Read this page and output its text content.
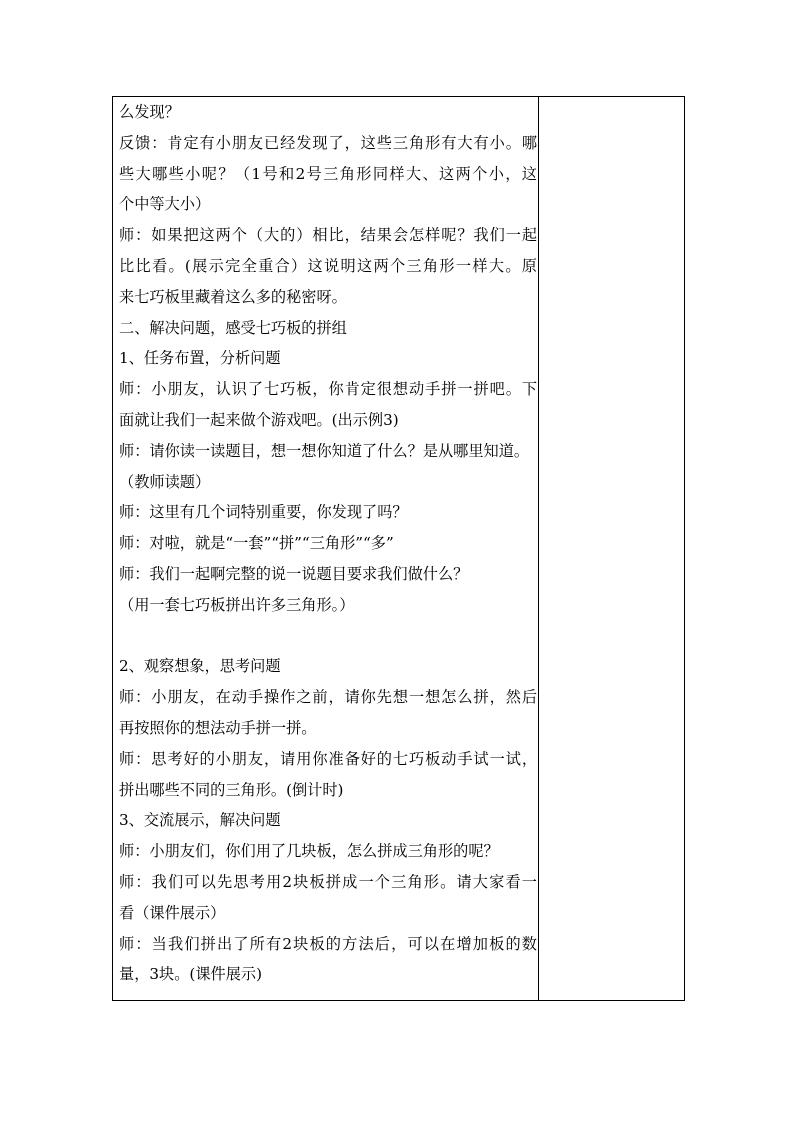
么发现？
反馈：肯定有小朋友已经发现了，这些三角形有大有小。哪
些大哪些小呢？（1号和2号三角形同样大、这两个小，这
个中等大小）
师：如果把这两个（大的）相比，结果会怎样呢？我们一起
比比看。(展示完全重合）这说明这两个三角形一样大。原
来七巧板里藏着这么多的秘密呀。
二、解决问题，感受七巧板的拼组
1、任务布置，分析问题
师：小朋友，认识了七巧板，你肯定很想动手拼一拼吧。下
面就让我们一起来做个游戏吧。(出示例3)
师：请你读一读题目，想一想你知道了什么？是从哪里知道。
（教师读题）
师：这里有几个词特别重要，你发现了吗？
师：对啦，就是“一套”“拼”“三角形”“多”
师：我们一起啊完整的说一说题目要求我们做什么？
（用一套七巧板拼出许多三角形。）
2、观察想象，思考问题
师：小朋友，在动手操作之前，请你先想一想怎么拼，然后
再按照你的想法动手拼一拼。
师：思考好的小朋友，请用你准备好的七巧板动手试一试，
拼出哪些不同的三角形。(倒计时)
3、交流展示，解决问题
师：小朋友们，你们用了几块板，怎么拼成三角形的呢？
师：我们可以先思考用2块板拼成一个三角形。请大家看一
看（课件展示）
师：当我们拼出了所有2块板的方法后，可以在增加板的数
量，3块。(课件展示)
